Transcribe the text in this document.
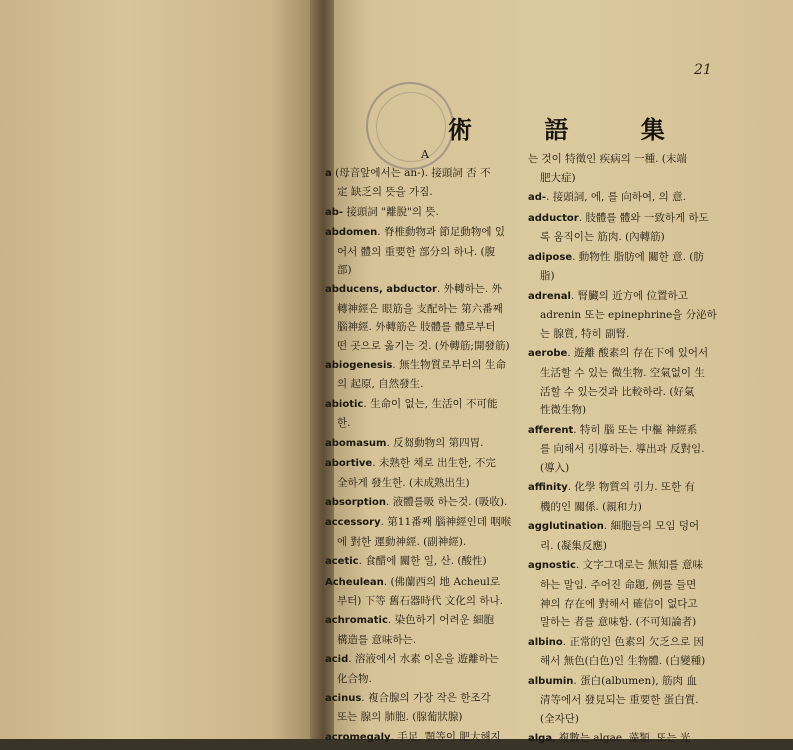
21
術 語 集
A
a (母音앞에서는 an-). 接頭詞 否 不
定 缺乏의 뜻을 가짐.
ab- 接頭詞 "離脫"의 뜻.
abdomen. 脊椎動物과 節足動物에 있
어서 體의 重要한 部分의 하나. (腹
部)
abducens, abductor. 外轉하는. 外
轉神經은 眼筋을 支配하는 第六番째
腦神經. 外轉筋은 肢體를 體로부터
떤 곳으로 옮기는 것. (外轉筋;開發筋)
abiogenesis. 無生物質로부터의 生命
의 起原, 自然發生.
abiotic. 生命이 없는, 生活이 不可能
한.
abomasum. 反芻動物의 第四胃.
abortive. 未熟한 채로 出生한, 不完
全하게 發生한. (未成熟出生)
absorption. 液體를吸 하는것. (吸收).
accessory. 第11番째 腦神經인데 咽喉
에 對한 運動神經. (副神經).
acetic. 食醋에 關한 일, 산. (酸性)
Acheulean. (佛蘭西의 地 Acheul로
부터) 下等 舊石器時代 文化의 하나.
achromatic. 染色하기 어려운 細胞
構造를 意味하는.
acid. 溶液에서 水素 이온을 遊離하는
化合物.
acinus. 複合腺의 가장 작은 한조각
또는 腺의 肺胞. (腺葡狀腺)
acromegaly. 手足, 顎等이 肥大해지
는 것이 特徵인 疾病의 一種. (末端
肥大症)
ad-. 接頭詞, 에, 를 向하여, 의 意.
adductor. 肢體를 體와 一致하게 하도
록 움직이는 筋肉. (內轉筋)
adipose. 動物性 脂肪에 關한 意. (肪
脂)
adrenal. 腎臟의 近方에 位置하고
adrenin 또는 epinephrine을 分泌하
는 腺質, 特히 副腎.
aerobe. 遊離 酸素의 存在下에 있어서
生活할 수 있는 微生物. 空氣없이 生
活할 수 있는것과 比較하라. (好氣
性微生物)
afferent. 特히 腦 또는 中樞 神經系
를 向해서 引導하는. 導出과 反對임.
(導入)
affinity. 化學 物質의 引力. 또한 有
機的인 關係. (親和力)
agglutination. 細胞들의 모임 덩어
리. (凝集反應)
agnostic. 文字그대로는 無知를 意味
하는 말임. 주어진 命題, 例를 들면
神의 存在에 對해서 確信이 없다고
말하는 者를 意味함. (不可知論者)
albino. 正常的인 色素의 欠乏으로 因
해서 無色(白色)인 生物體. (白變種)
albumin. 蛋白(albumen), 筋肉 血
清等에서 發見되는 重要한 蛋白質.
(全자단)
alga, 複數는 algae. 藻類. 또는 光
